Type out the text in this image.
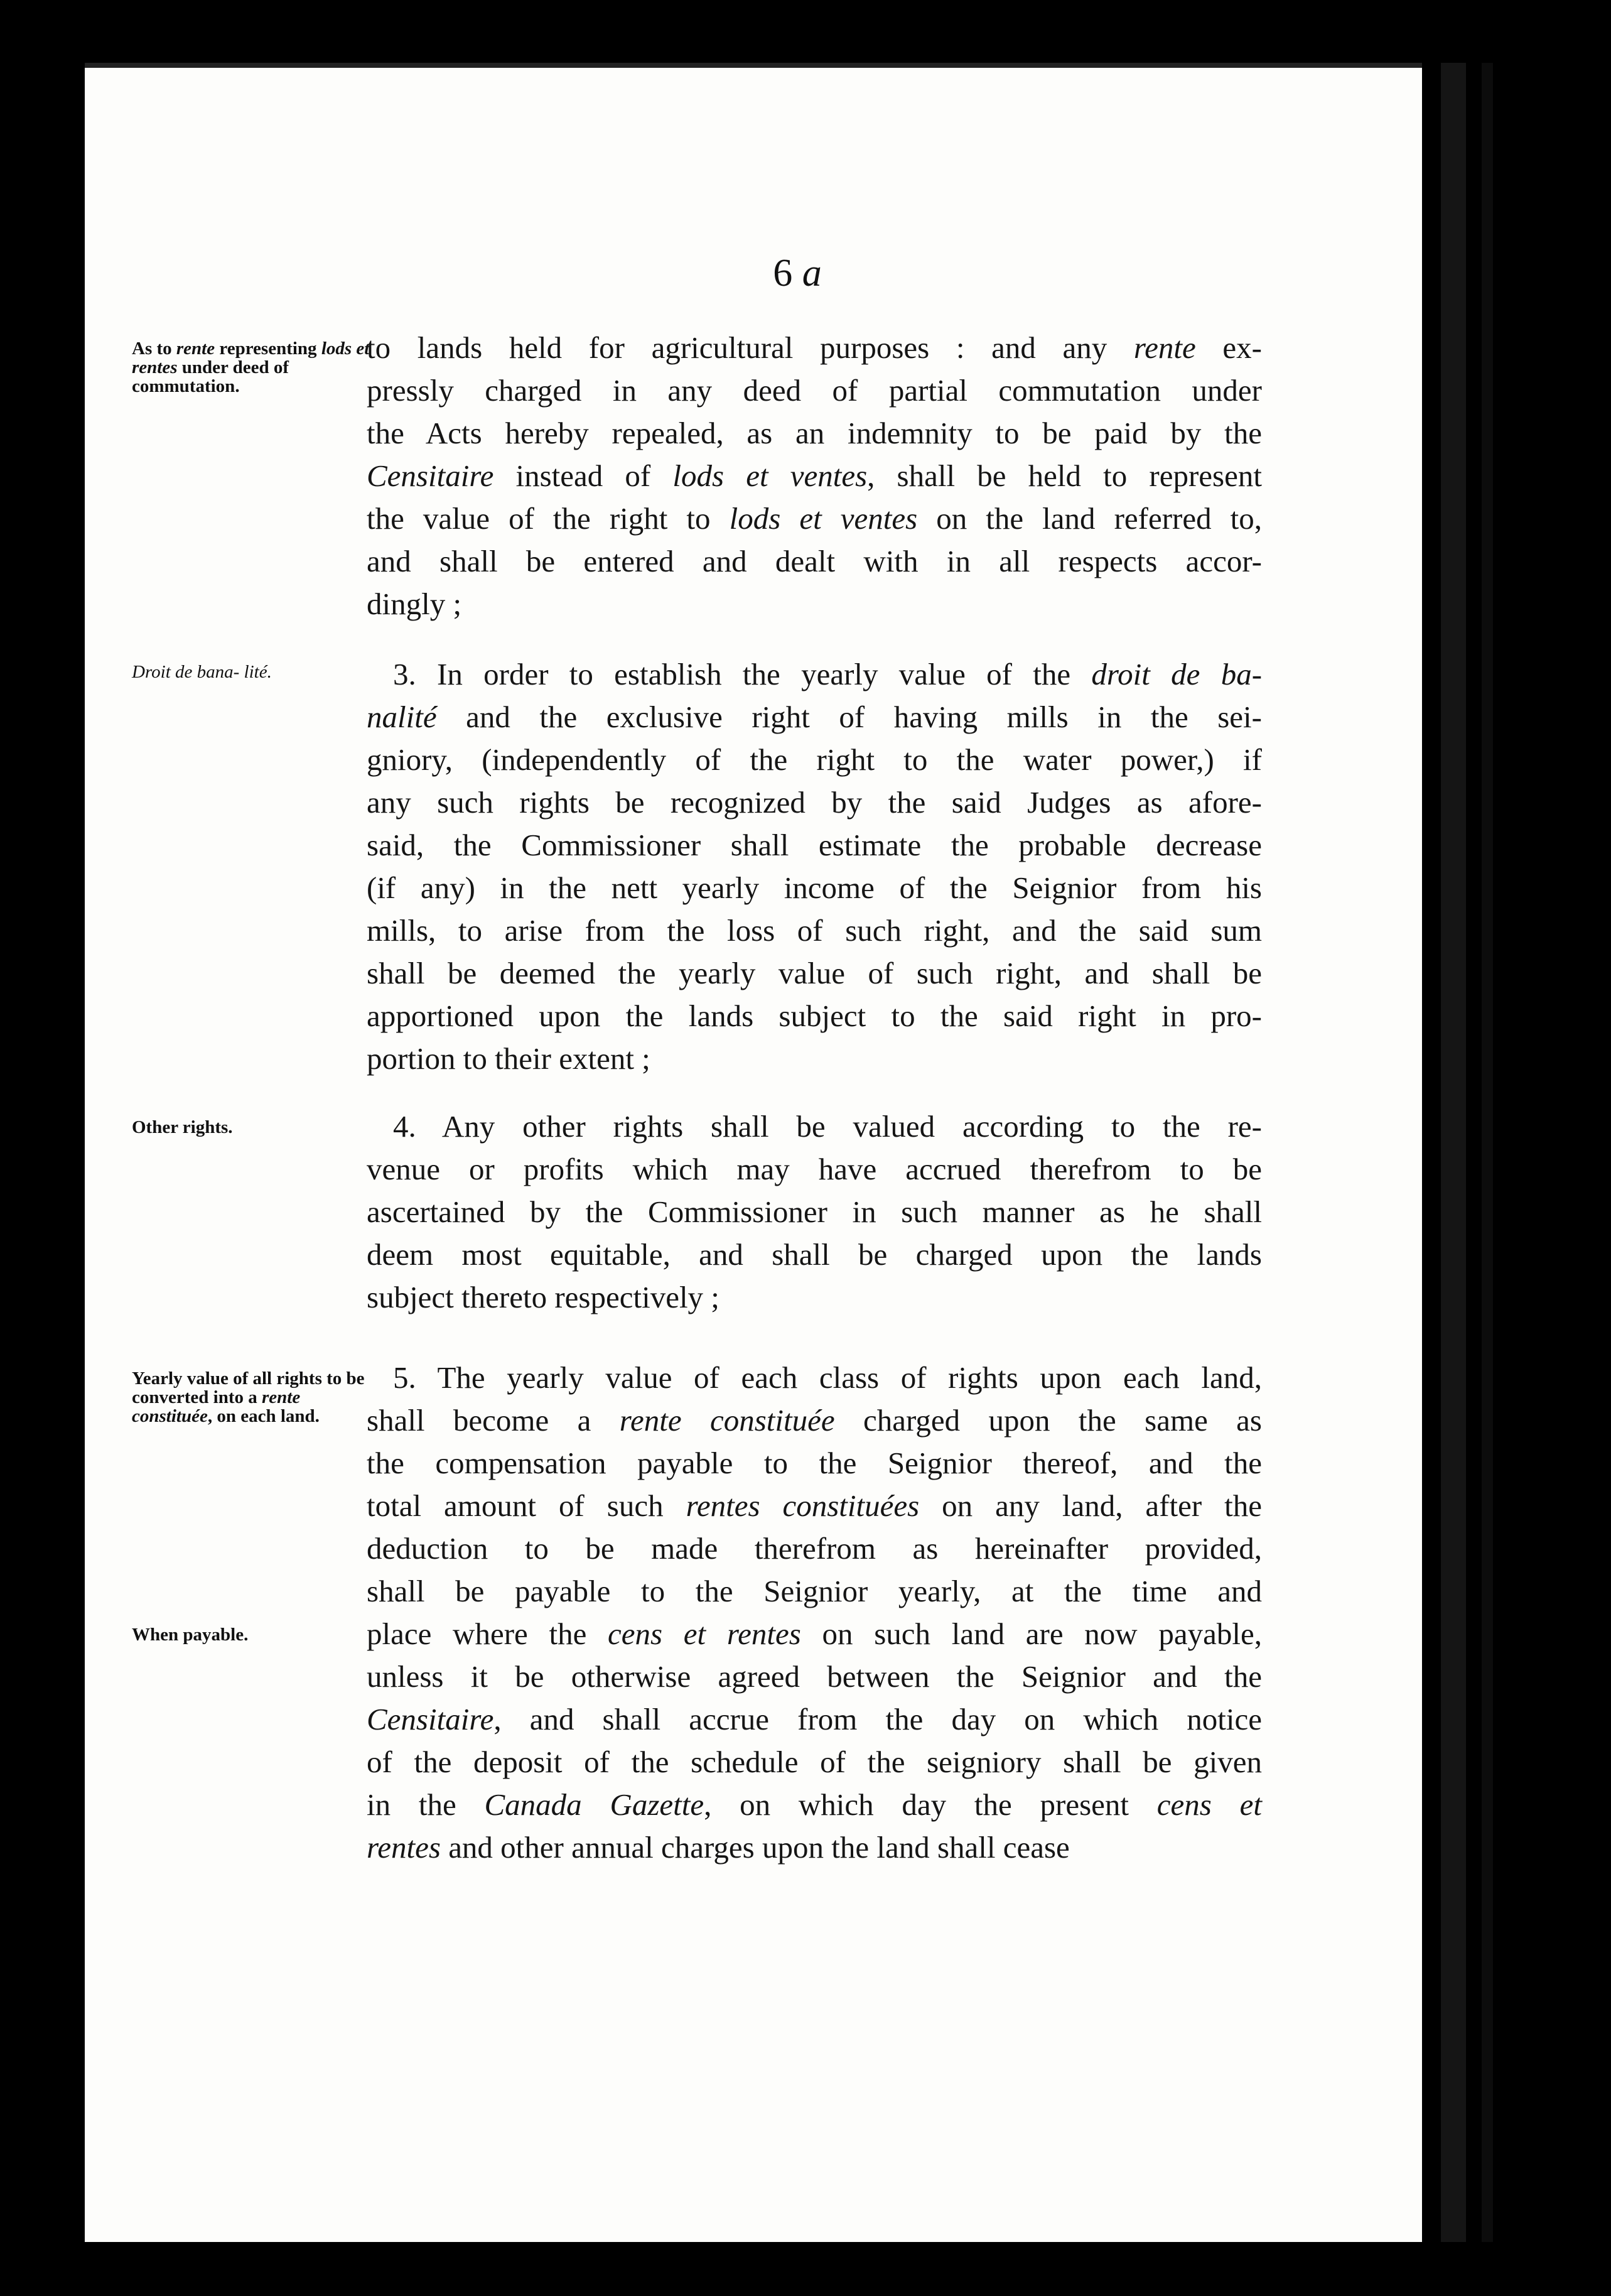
6 a
As to rente representing lods et rentes under deed of commutation.
Droit de bana- lité.
Other rights.
Yearly value of all rights to be converted into a rente constituée, on each land.
When payable.
to lands held for agricultural purposes : and any rente ex-
pressly charged in any deed of partial commutation under
the Acts hereby repealed, as an indemnity to be paid by the
Censitaire instead of lods et ventes, shall be held to represent
the value of the right to lods et ventes on the land referred to,
and shall be entered and dealt with in all respects accor-
dingly ;
3. In order to establish the yearly value of the droit de ba-
nalité and the exclusive right of having mills in the sei-
gniory, (independently of the right to the water power,) if
any such rights be recognized by the said Judges as afore-
said, the Commissioner shall estimate the probable decrease
(if any) in the nett yearly income of the Seignior from his
mills, to arise from the loss of such right, and the said sum
shall be deemed the yearly value of such right, and shall be
apportioned upon the lands subject to the said right in pro-
portion to their extent ;
4. Any other rights shall be valued according to the re-
venue or profits which may have accrued therefrom to be
ascertained by the Commissioner in such manner as he shall
deem most equitable, and shall be charged upon the lands
subject thereto respectively ;
5. The yearly value of each class of rights upon each land,
shall become a rente constituée charged upon the same as
the compensation payable to the Seignior thereof, and the
total amount of such rentes constituées on any land, after the
deduction to be made therefrom as hereinafter provided,
shall be payable to the Seignior yearly, at the time and
place where the cens et rentes on such land are now payable,
unless it be otherwise agreed between the Seignior and the
Censitaire, and shall accrue from the day on which notice
of the deposit of the schedule of the seigniory shall be given
in the Canada Gazette, on which day the present cens et
rentes and other annual charges upon the land shall cease
